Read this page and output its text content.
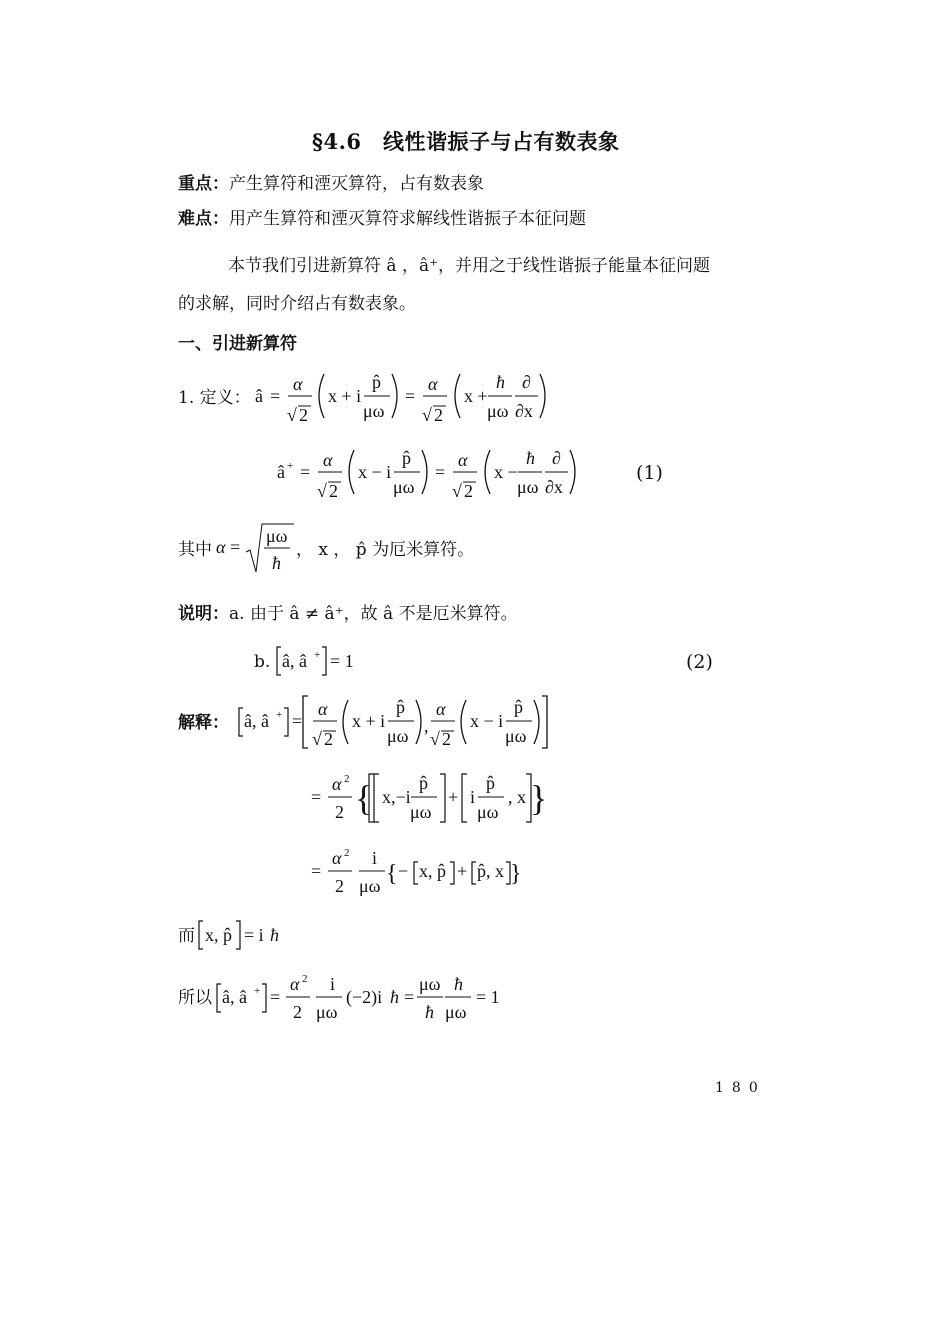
§4.6　线性谐振子与占有数表象
重点：产生算符和湮灭算符，占有数表象
难点：用产生算符和湮灭算符求解线性谐振子本征问题
本节我们引进新算符 â ，â⁺，并用之于线性谐振子能量本征问题
的求解，同时介绍占有数表象。
一、引进新算符
1. 定义： â =
α
√ 2
x + i
p̂
μω
=
α
√ 2
x +
ħ
μω
∂
∂x
â + =
α
√ 2
x − i
p̂
μω
=
α
√ 2
x −
ħ
μω
∂
∂x
(1)
其中 α =
μω
ħ
， x ， p̂ 为厄米算符。
说明：a. 由于 â ≠ â⁺，故 â 不是厄米算符。
b. â, â + = 1	(2)
解释： â, â + =
α
√ 2
x + i
p̂
μω ,
α
√ 2
x − i
p̂
μω
=
α 2
2 { x,−i
p̂
μω
+ i
p̂
μω
, x }
=
α 2
2
i
μω { − x, p̂ + p̂, x }
而 x, p̂ = i ħ
所以 â, â + =
α 2
2
i
μω
(−2)i ħ =
μω
ħ
ħ
μω
= 1
180
